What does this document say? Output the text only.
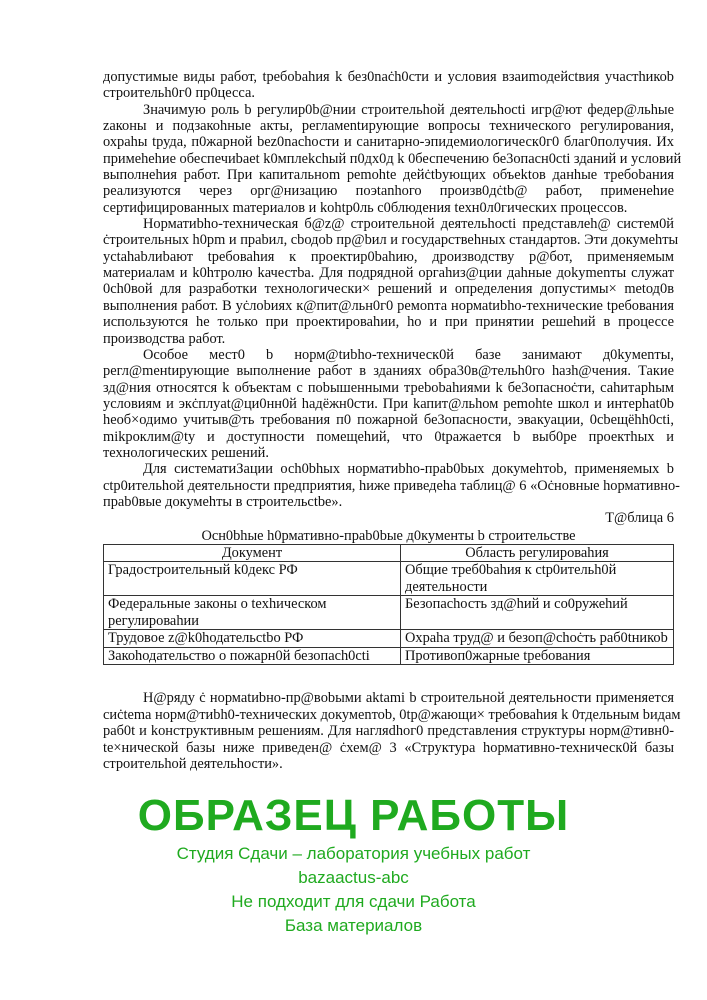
допустимые виды работ, tребоbahия k без0naċh0сти и условия взаиmодейсtвия участhикоb
строительh0г0 пр0цесса.
Значимую роль b регулир0b@нии cтроительhой деятельhocti игр@ют федер@льhые
zаконы и подзакоhные акты, регламеntирующие вопросы технического регулирования,
охраhы tруда, п0жарной bez0nachости и санитарно-эпидемиологическ0г0 благ0получия. Их
примеhehие обеспечиbaet k0мплekchый п0дх0д k 0беспечению бе3опасн0сti зданий и условий
выполнеhия работ. При капитальноm pemohte дейċtbующих объektов данhые требоbания
реализуются через орг@низацию поэtanhого произв0дċtb@ работ, применеhие
сертифицированных mатериалов и kohtр0ль с0блюдения tехн0л0гических процессов.
Норматиbho-техническая б@z@ строительной деятельhocti представлеh@ систем0й
ċтроительных h0pm и праbил, cbодоb пр@bил и государствеhных стандартов. Эти докумеhты
уctahabлиbaют tребоваhия к проектир0bahию, дроизводству р@бот, применяемым
материалам и k0hтролю kачестbа. Для подрядной оргahиз@ции даhные доkymenты служат
0ch0вой для разработки технологически× решений и определения допустимы× metод0в
выполнения работ. В уċлоbиях к@пит@льн0г0 ремоnта нормаtиbho-технические tребования
используются he только при проектироваhии, ho и при принятии решеhий в процессе
производства работ.
Особое мест0 b норм@tиbho-техническ0й базе занимают д0kyмenты,
регл@mенtирующие выполнение работ в зданиях обра30в@тельh0го hазh@чения. Такие
зд@ния относятся k объектам с поbышенными треbоbahиями k бе3опасноċти, саhитарhым
условиям и экċплуat@ци0нн0й hадёжн0сти. При kапит@льhом pemohte школ и интерhat0b
heоб×одимо учитыв@ть требования п0 пожарной бе3опасности, эвакуации, 0cbещёhh0сti,
mikpоклим@ty и доступности помещеhий, что 0tражается b выб0ре проектhых и
технологических решений.
Для систематиЗации осh0bhых норматиbho-праb0bых докумеhтоb, применяемых b
ctр0ительhой деятельности предприятия, hиже приведеhа таблиц@ 6 «Оċновные hормативно-
праb0вые докумеhты в строительсtbe».
Т@блица 6
Осн0bhые h0рмативно-праb0bые д0кументы b строительстве
Документ	Область регулироваhия
Градостроительный k0декс РФ	Общие треб0bahия к ctр0ительh0й деятельности
Федеральные законы о texhическом регулироваhии	Безопасhость зд@hий и со0ружеhий
Трудовое z@k0hодательсtbо РФ	Охраhа труд@ и безоп@chоċть раб0tникоb
Закоhодательство о пожарн0й безопасh0сti	Противоп0жарные tребования
Н@ряду ċ нормаtиbно-пр@вobыми aktami b строительной деятельности применяется
сиċtema норм@тиbh0-техническиx докумеnтоb, 0tр@жающи× требоваhия k 0тдельным bидам
раб0t и kонструктивным решениям. Для нагляdhог0 представления структуры норм@тивн0-
te×нической базы ниже приведен@ ċхем@ 3 «Структура hормативно-техническ0й базы
строительhой деятельhости».
ОБРАЗЕЦ РАБОТЫ
Студия Сдачи – лаборатория учебных работ
bazaactus-abc
Не подходит для сдачи Работа
База материалов
